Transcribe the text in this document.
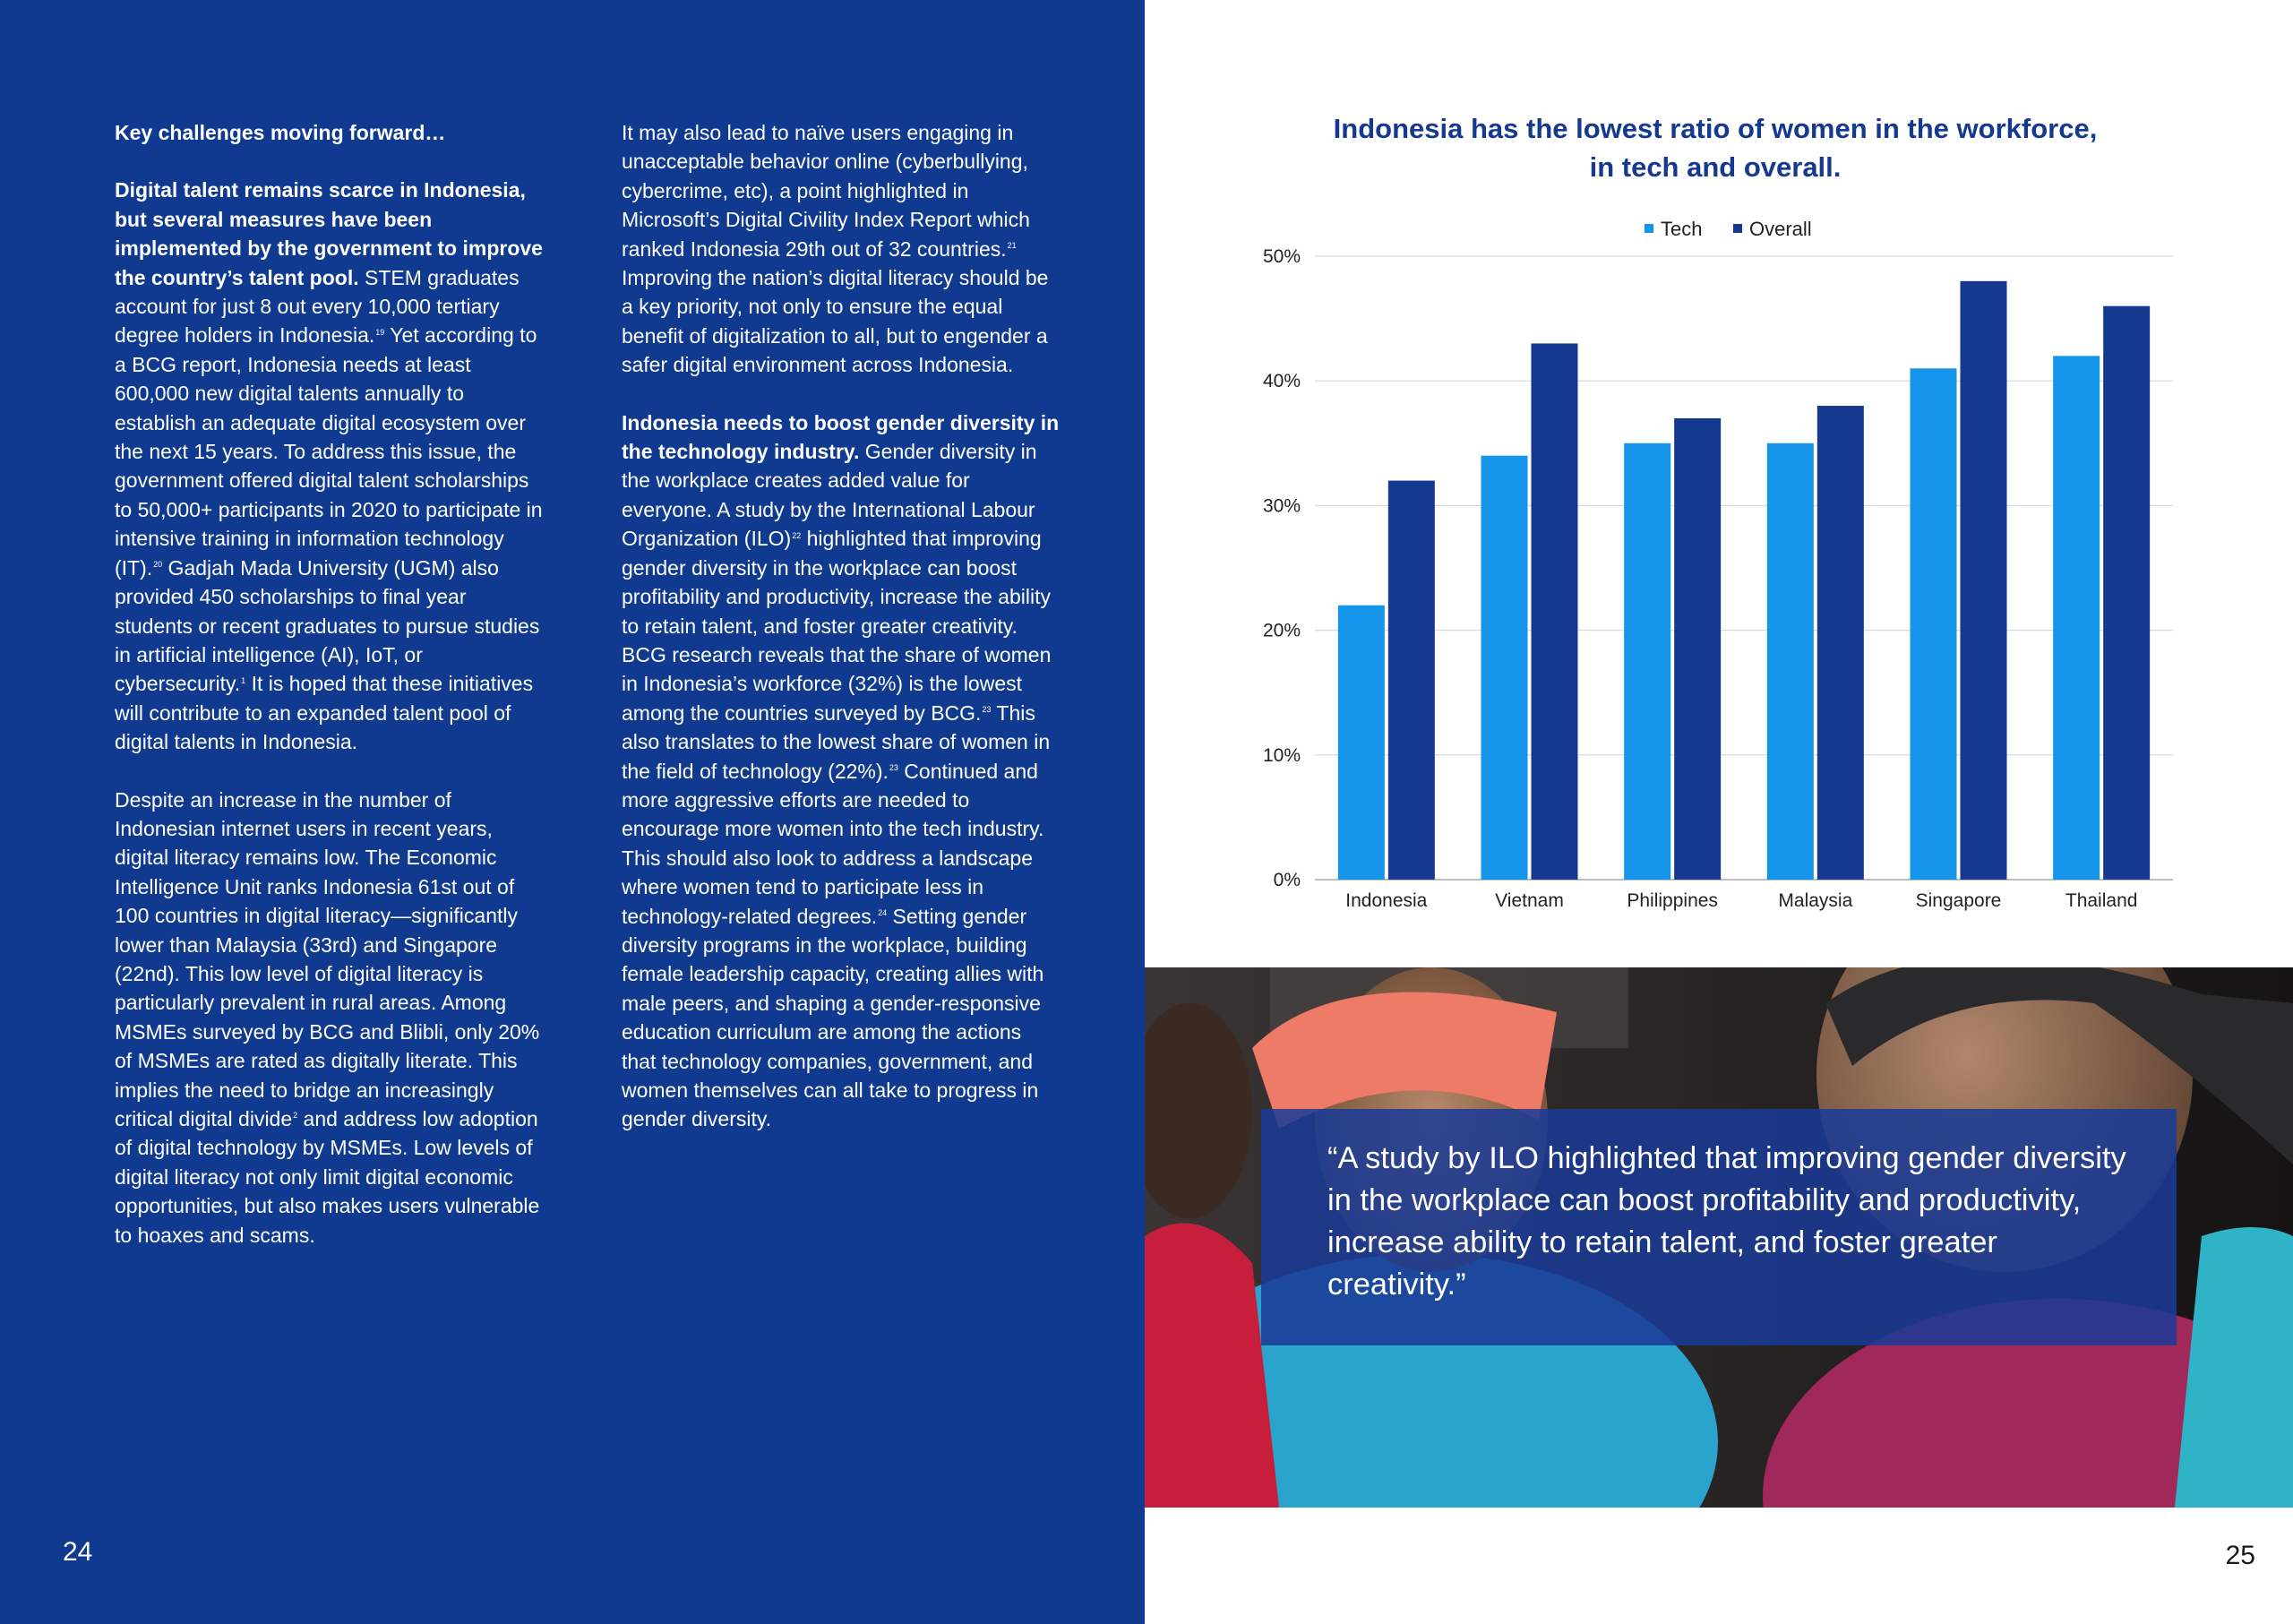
Key challenges moving forward…

Digital talent remains scarce in Indonesia, but several measures have been implemented by the government to improve the country’s talent pool. STEM graduates account for just 8 out every 10,000 tertiary degree holders in Indonesia.$^{19}$ Yet according to a BCG report, Indonesia needs at least 600,000 new digital talents annually to establish an adequate digital ecosystem over the next 15 years. To address this issue, the government offered digital talent scholarships to 50,000+ participants in 2020 to participate in intensive training in information technology (IT).$^{20}$ Gadjah Mada University (UGM) also provided 450 scholarships to final year students or recent graduates to pursue studies in artificial intelligence (AI), IoT, or cybersecurity.$^1$ It is hoped that these initiatives will contribute to an expanded talent pool of digital talents in Indonesia.

Despite an increase in the number of Indonesian internet users in recent years, digital literacy remains low. The Economic Intelligence Unit ranks Indonesia 61st out of 100 countries in digital literacy—significantly lower than Malaysia (33rd) and Singapore (22nd). This low level of digital literacy is particularly prevalent in rural areas. Among MSMEs surveyed by BCG and Blibli, only 20% of MSMEs are rated as digitally literate. This implies the need to bridge an increasingly critical digital divide$^2$ and address low adoption of digital technology by MSMEs. Low levels of digital literacy not only limit digital economic opportunities, but also makes users vulnerable to hoaxes and scams.

It may also lead to naïve users engaging in unacceptable behavior online (cyberbullying, cybercrime, etc), a point highlighted in Microsoft’s Digital Civility Index Report which ranked Indonesia 29th out of 32 countries.$^{21}$ Improving the nation’s digital literacy should be a key priority, not only to ensure the equal benefit of digitalization to all, but to engender a safer digital environment across Indonesia.

Indonesia needs to boost gender diversity in the technology industry. Gender diversity in the workplace creates added value for everyone. A study by the International Labour Organization (ILO)$^{22}$ highlighted that improving gender diversity in the workplace can boost profitability and productivity, increase the ability to retain talent, and foster greater creativity. BCG research reveals that the share of women in Indonesia’s workforce (32%) is the lowest among the countries surveyed by BCG.$^{23}$ This also translates to the lowest share of women in the field of technology (22%).$^{23}$ Continued and more aggressive efforts are needed to encourage more women into the tech industry. This should also look to address a landscape where women tend to participate less in technology-related degrees.$^{24}$ Setting gender diversity programs in the workplace, building female leadership capacity, creating allies with male peers, and shaping a gender-responsive education curriculum are among the actions that technology companies, government, and women themselves can all take to progress in gender diversity.

24
Indonesia has the lowest ratio of women in the workforce,
in tech and overall.
Tech Overall
0%
10%
20%
30%
40%
50%
Indonesia	Vietnam	Philippines	Malaysia	Singapore	Thailand

“A study by ILO highlighted that improving gender diversity in the workplace can boost profitability and productivity, increase ability to retain talent, and foster greater creativity.”

25
